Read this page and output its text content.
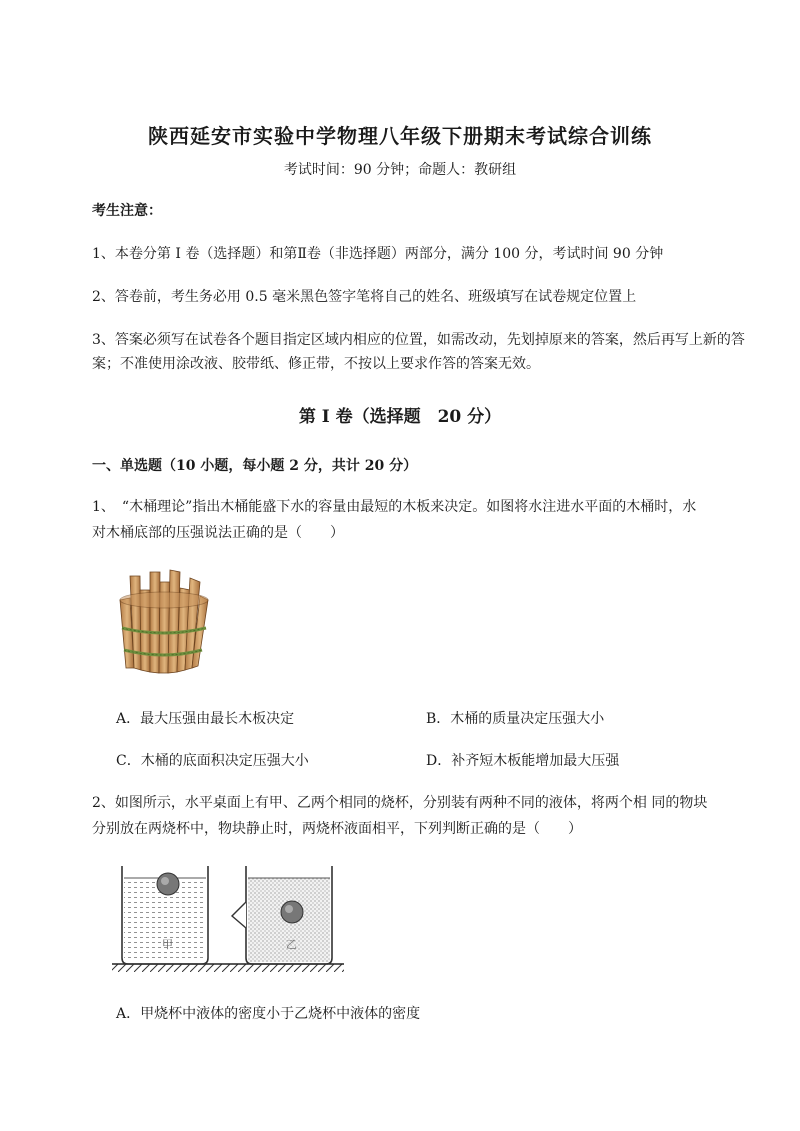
陕西延安市实验中学物理八年级下册期末考试综合训练
考试时间：90 分钟；命题人：教研组
考生注意：
1、本卷分第 I 卷（选择题）和第Ⅱ卷（非选择题）两部分，满分 100 分，考试时间 90 分钟
2、答卷前，考生务必用 0.5 毫米黑色签字笔将自己的姓名、班级填写在试卷规定位置上
3、答案必须写在试卷各个题目指定区域内相应的位置，如需改动，先划掉原来的答案，然后再写上新的答案；不准使用涂改液、胶带纸、修正带，不按以上要求作答的答案无效。
第 I 卷（选择题　20 分）
一、单选题（10 小题，每小题 2 分，共计 20 分）
1、　“木桶理论”指出木桶能盛下水的容量由最短的木板来决定。如图将水注进水平面的木桶时，水
对木桶底部的压强说法正确的是（　　）
A．最大压强由最长木板决定	B．木桶的质量决定压强大小
C．木桶的底面积决定压强大小	D．补齐短木板能增加最大压强
2、如图所示，水平桌面上有甲、乙两个相同的烧杯，分别装有两种不同的液体，将两个相 同的物块
分别放在两烧杯中，物块静止时，两烧杯液面相平，下列判断正确的是（　　）
甲	乙
A．甲烧杯中液体的密度小于乙烧杯中液体的密度
